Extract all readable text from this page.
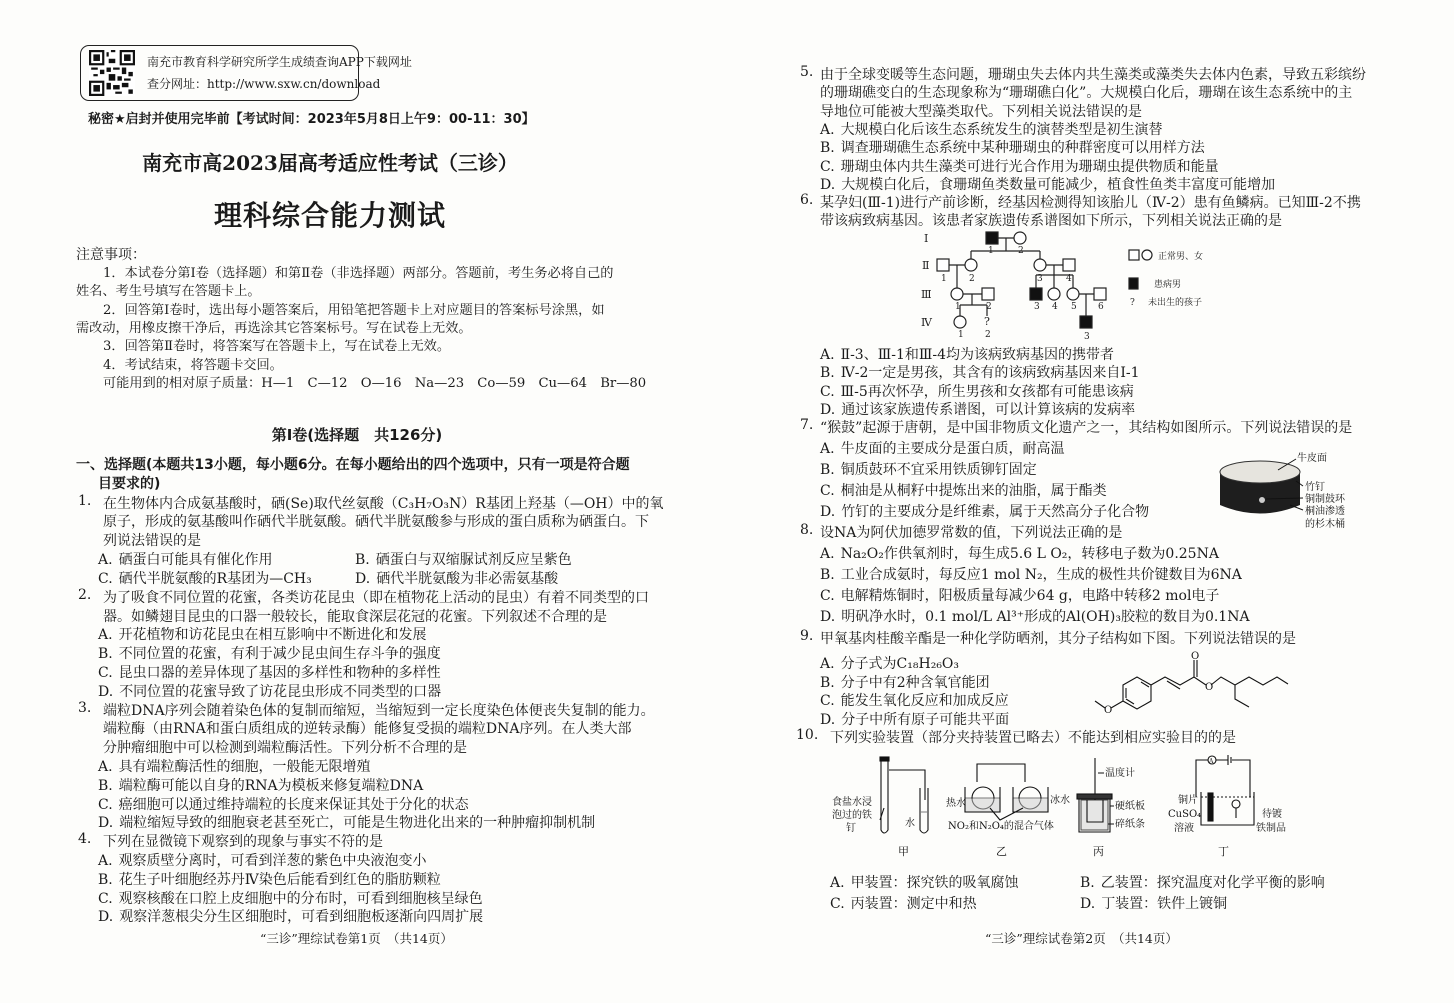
南充市教育科学研究所学生成绩查询APP下载网址
查分网址：http://www.sxw.cn/download
秘密★启封并使用完毕前【考试时间：2023年5月8日上午9：00-11：30】
南充市高2023届高考适应性考试（三诊）
理科综合能力测试
注意事项：
1．本试卷分第Ⅰ卷（选择题）和第Ⅱ卷（非选择题）两部分。答题前，考生务必将自己的
姓名、考生号填写在答题卡上。
2．回答第Ⅰ卷时，选出每小题答案后，用铅笔把答题卡上对应题目的答案标号涂黑，如
需改动，用橡皮擦干净后，再选涂其它答案标号。写在试卷上无效。
3．回答第Ⅱ卷时，将答案写在答题卡上，写在试卷上无效。
4．考试结束，将答题卡交回。
可能用到的相对原子质量：H—1　C—12　O—16　Na—23　Co—59　Cu—64　Br—80
第Ⅰ卷(选择题　共126分)
一、选择题(本题共13小题，每小题6分。在每小题给出的四个选项中，只有一项是符合题
目要求的)
1. 在生物体内合成氨基酸时，硒(Se)取代丝氨酸（C₃H₇O₃N）R基团上羟基（—OH）中的氧
原子，形成的氨基酸叫作硒代半胱氨酸。硒代半胱氨酸参与形成的蛋白质称为硒蛋白。下
列说法错误的是
A. 硒蛋白可能具有催化作用	B. 硒蛋白与双缩脲试剂反应呈紫色
C. 硒代半胱氨酸的R基团为—CH₃	D. 硒代半胱氨酸为非必需氨基酸
2. 为了吸食不同位置的花蜜，各类访花昆虫（即在植物花上活动的昆虫）有着不同类型的口
器。如鳞翅目昆虫的口器一般较长，能取食深层花冠的花蜜。下列叙述不合理的是
A. 开花植物和访花昆虫在相互影响中不断进化和发展
B. 不同位置的花蜜，有利于减少昆虫间生存斗争的强度
C. 昆虫口器的差异体现了基因的多样性和物种的多样性
D. 不同位置的花蜜导致了访花昆虫形成不同类型的口器
3. 端粒DNA序列会随着染色体的复制而缩短，当缩短到一定长度染色体便丧失复制的能力。
端粒酶（由RNA和蛋白质组成的逆转录酶）能修复受损的端粒DNA序列。在人类大部
分肿瘤细胞中可以检测到端粒酶活性。下列分析不合理的是
A. 具有端粒酶活性的细胞，一般能无限增殖
B. 端粒酶可能以自身的RNA为模板来修复端粒DNA
C. 癌细胞可以通过维持端粒的长度来保证其处于分化的状态
D. 端粒缩短导致的细胞衰老甚至死亡，可能是生物进化出来的一种肿瘤抑制机制
4. 下列在显微镜下观察到的现象与事实不符的是
A. 观察质壁分离时，可看到洋葱的紫色中央液泡变小
B. 花生子叶细胞经苏丹Ⅳ染色后能看到红色的脂肪颗粒
C. 观察核酸在口腔上皮细胞中的分布时，可看到细胞核呈绿色
D. 观察洋葱根尖分生区细胞时，可看到细胞板逐渐向四周扩展
5. 由于全球变暖等生态问题，珊瑚虫失去体内共生藻类或藻类失去体内色素，导致五彩缤纷
的珊瑚礁变白的生态现象称为“珊瑚礁白化”。大规模白化后，珊瑚在该生态系统中的主
导地位可能被大型藻类取代。下列相关说法错误的是
A. 大规模白化后该生态系统发生的演替类型是初生演替
B. 调查珊瑚礁生态系统中某种珊瑚虫的种群密度可以用样方法
C. 珊瑚虫体内共生藻类可进行光合作用为珊瑚虫提供物质和能量
D. 大规模白化后，食珊瑚鱼类数量可能减少，植食性鱼类丰富度可能增加
6. 某孕妇(Ⅲ-1)进行产前诊断，经基因检测得知该胎儿（Ⅳ-2）患有鱼鳞病。已知Ⅲ-2不携
带该病致病基因。该患者家族遗传系谱图如下所示，下列相关说法正确的是
A. Ⅱ-3、Ⅲ-1和Ⅲ-4均为该病致病基因的携带者
B. Ⅳ-2一定是男孩，其含有的该病致病基因来自Ⅰ-1
C. Ⅲ-5再次怀孕，所生男孩和女孩都有可能患该病
D. 通过该家族遗传系谱图，可以计算该病的发病率
7. “猴鼓”起源于唐朝，是中国非物质文化遗产之一，其结构如图所示。下列说法错误的是
A. 牛皮面的主要成分是蛋白质，耐高温
B. 铜质鼓环不宜采用铁质铆钉固定
C. 桐油是从桐籽中提炼出来的油脂，属于酯类
D. 竹钉的主要成分是纤维素，属于天然高分子化合物
8. 设NA为阿伏加德罗常数的值，下列说法正确的是
A. Na₂O₂作供氧剂时，每生成5.6 L O₂，转移电子数为0.25NA
B. 工业合成氨时，每反应1 mol N₂，生成的极性共价键数目为6NA
C. 电解精炼铜时，阳极质量每减少64 g，电路中转移2 mol电子
D. 明矾净水时，0.1 mol/L Al³⁺形成的Al(OH)₃胶粒的数目为0.1NA
9. 甲氧基肉桂酸辛酯是一种化学防晒剂，其分子结构如下图。下列说法错误的是
A. 分子式为C₁₈H₂₆O₃
B. 分子中有2种含氧官能团
C. 能发生氧化反应和加成反应
D. 分子中所有原子可能共平面
10. 下列实验装置（部分夹持装置已略去）不能达到相应实验目的的是
A. 甲装置：探究铁的吸氧腐蚀	B. 乙装置：探究温度对化学平衡的影响
C. 丙装置：测定中和热	D. 丁装置：铁件上镀铜
Ⅰ
Ⅱ
Ⅲ
Ⅳ
1	2
1 2	3	4
1	2	3 4 5 6
1 2
?
3
正常男、女
患病男
? 未出生的孩子
牛皮面
竹钉
铜制鼓环
桐油渗透
的杉木桶
O
O
O
食盐水浸
泡过的铁
钉	水
甲
热水	冰水
NO₂和N₂O₄的混合气体
乙
温度计
硬纸板
碎纸条
丙
A
铜片
CuSO₄
溶液
待镀
铁制品
丁
“三诊”理综试卷第1页　（共14页）	“三诊”理综试卷第2页　（共14页）
